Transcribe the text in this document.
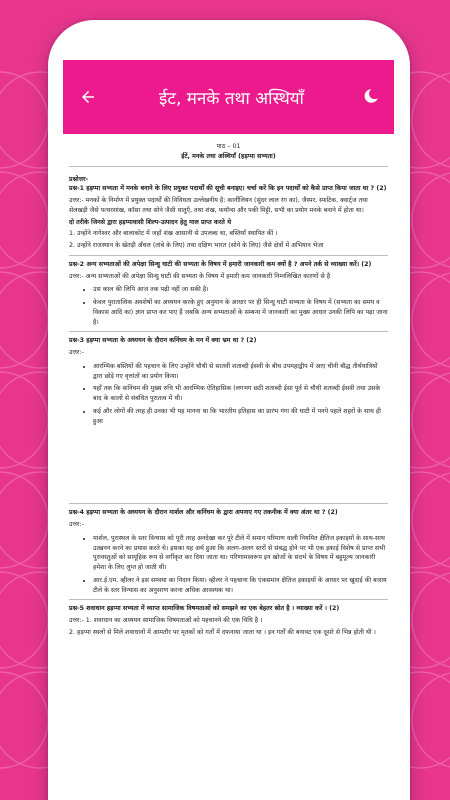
ईट, मनके तथा अस्थियाँ
पाठ – 01
ईंटें, मनके तथा अस्थियाँ (हड़प्पा सभ्यता)
प्रश्नोत्तर-

प्रश्न-1 हड़प्पा सभ्यता में मनके बनाने के लिए प्रयुक्त पदार्थों की सूची बनाइए। चर्चा करें कि इन पदार्थों को कैसे प्राप्त किया जाता था ? (2)

उत्तर:- मनकों के निर्माण में प्रयुक्त पदार्थों की विविधता उल्लेखनीय है: कार्नीलियन (सुंदर लाल रंग का), जैस्पर, स्फटिक, क्वार्ट्ज तथा सेलखड़ी जैसे पत्थरशांख, कॉसा तथा सोने जैसी धातुएँ, तथा शंख, फयॉन्स और पकी मिट्टी, सभी का प्रयोग मनके बनाने में होता था।

दो तरीके जिनसे द्वारा हड़प्पावासी शिल्प-उत्पादन हेतु माल प्राप्त करते थे

1. उन्होंने नागेश्वर और बालाकोट में जहाँ शंख आसानी से उपलब्ध था, बस्तियाँ स्थापित कीं ।

2. उन्होंने राजस्थान के खेतड़ी अँचल (तांबे के लिए) तथा दक्षिण भारत (सोने के लिए) जैसे क्षेत्रों में अभियान भेजा

प्रश्न-2 अन्य सभ्यताओं की अपेक्षा सिन्धु घाटी की सभ्यता के विषय में हमारी जानकारी कम क्यों है ? अपने तर्क से व्याख्या करें। (2)

उत्तर:- अन्य सभ्यताओं की अपेक्षा सिन्धु घाटी की सभ्यता के विषय में हमारी कम जानकारी निम्नलिखित कारणों से है

• उस काल की लिपि आज तक पढ़ी नहीं जा सकी है।
• केवल पुरातात्विक अवशेषों का अध्ययन करके हुए अनुमान के आधार पर ही सिन्धु घाटी सभ्यता के विषय में (सभ्यता का समय व विकास आदि का) ज्ञान प्राप्त कर पाए हैं जबकि अन्य सभ्यताओं के सम्बन्ध में जानकारी का मुख्य आधार उनकी लिपि का पढ़ा जाना है।

प्रश्न-3 हड़प्पा सभ्यता के अध्ययन के दौरान कनिंघम के मन में क्या भ्रम था ? (2)

उत्तर:-

• आरम्भिक बस्तियों की पहचान के लिए उन्होंने चौथी से सातवीं शताब्दी ईसवी के बीच उपमहाद्वीप में आए चीनी बौद्ध तीर्थयात्रियों द्वारा छोड़े गए वृत्तांतों का प्रयोग किया।
• यहाँ तक कि कनिंघम की मुख्य रुचि भी आरम्भिक ऐतिहासिक (लगभग छठी शताब्दी ईसा पूर्व से चौथी शताब्दी ईसवी तथा उसके बाद के कालों से संबंधित पुरातत्व में थी।
• कई और लोगों की तरह ही उनका भी यह मानना था कि भारतीय इतिहास का प्रारंभ गंगा की घाटी में पनपे पहले शहरों के साथ ही हुआ

प्रश्न-4 हड़प्पा सभ्यता के अध्ययन के दौरान मार्शल और कनिंघम के द्वारा अपनाए गए तकनीक में क्या अंतर था ? (2)

उत्तर:-

• मार्शल, पुरास्थल के स्तर विन्यास को पूरी तरह अनदेखा कर पूरे टीले में समान परिमाण वाली नियमित क्षैतिज इकाइयों के साथ-साथ उत्खनन करने का प्रयास करते थे। इसका यह अर्थ हुआ कि अलग-अलग स्तरों से संबद्ध होने पर भी एक इकाई विशेष से प्राप्त सभी पुरावस्तुओं को सामूहिक रूप से वर्गीकृत कर दिया जाता था। परिणामस्वरूप इन खोजों के संदर्भ के विषय में बहुमूल्य जानकारी हमेशा के लिए लुप्त हो जाती थी।
• आर.ई.एम. व्हीलर ने इस समस्या का निदान किया। व्हीलर ने पहचाना कि एकसमान क्षैतिज इकाइयों के आधार पर खुदाई की बजाय टीले के स्तर विन्यास का अनुसरण करना अधिक आवश्यक था।

प्रश्न-5 शवाधान हड़प्पा सभ्यता में व्याप्त सामाजिक विषमताओं को समझने का एक बेहतर स्रोत है । व्याख्या करें । (2)

उत्तर:- 1. शवाधान का अध्ययन सामाजिक विषमताओं को पहचानने की एक विधि है ।

2. हड़प्पा स्थलों से मिले शवाधानों में आमतौर पर मृतकों को गर्तों में दफनाया जाता था । इन गर्तों की बनावट एक दूसरे से भिन्न होती थी ।
